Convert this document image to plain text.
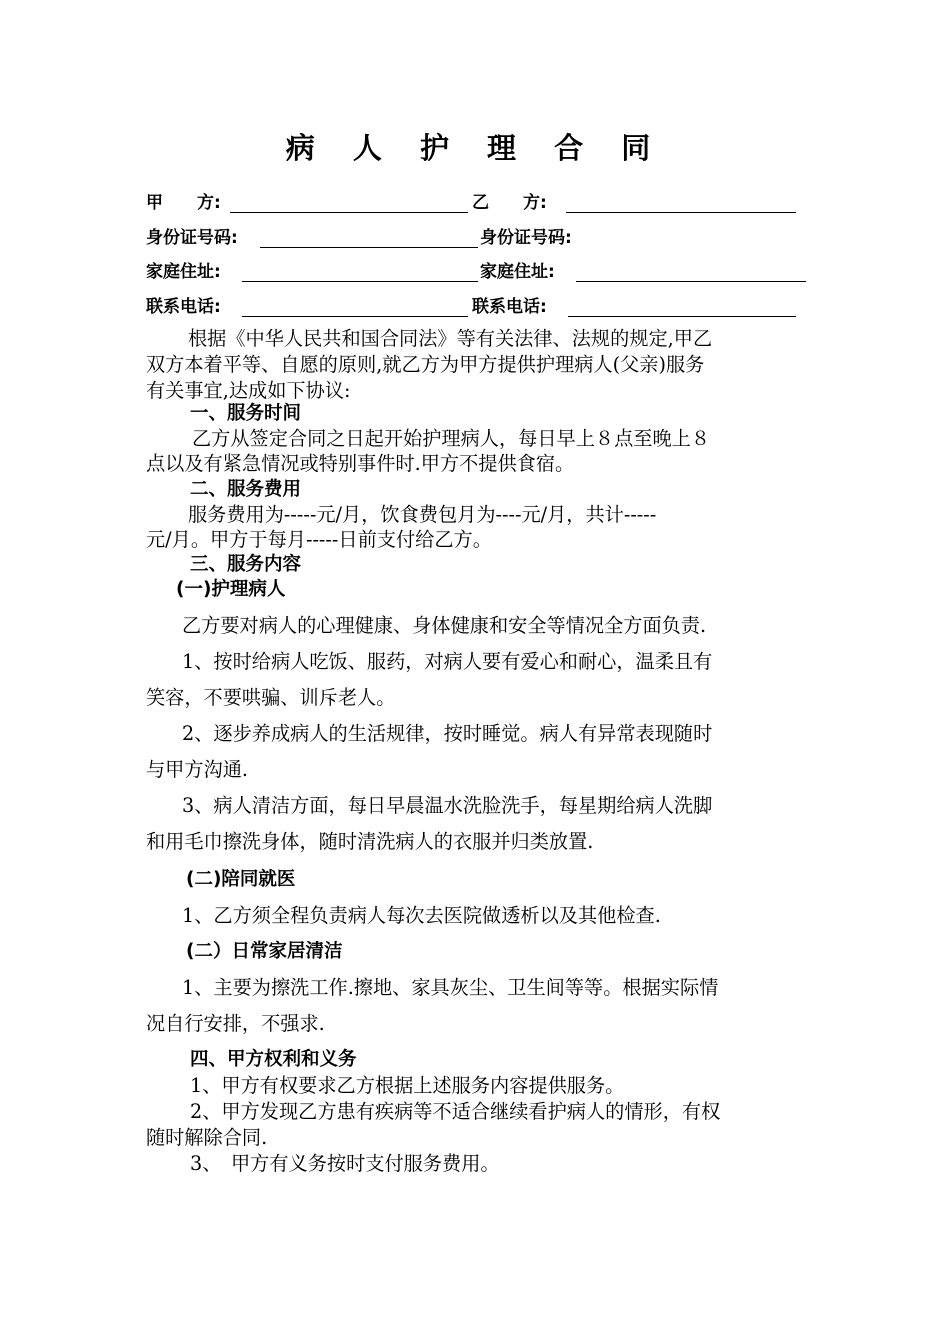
病 人 护 理 合 同
甲　　方:	乙　　方:
身份证号码:	身份证号码:
家庭住址:	家庭住址:
联系电话:	联系电话:
根据《中华人民共和国合同法》等有关法律、法规的规定,甲乙
双方本着平等、自愿的原则,就乙方为甲方提供护理病人(父亲)服务
有关事宜,达成如下协议:
一、服务时间
乙方从签定合同之日起开始护理病人，每日早上８点至晚上８
点以及有紧急情况或特别事件时.甲方不提供食宿。
二、服务费用
服务费用为-----元/月，饮食费包月为----元/月，共计-----
元/月。甲方于每月-----日前支付给乙方。
三、服务内容
(一)护理病人
乙方要对病人的心理健康、身体健康和安全等情况全方面负责.
1、按时给病人吃饭、服药，对病人要有爱心和耐心，温柔且有
笑容，不要哄骗、训斥老人。
2、逐步养成病人的生活规律，按时睡觉。病人有异常表现随时
与甲方沟通.
3、病人清洁方面，每日早晨温水洗脸洗手，每星期给病人洗脚
和用毛巾擦洗身体，随时清洗病人的衣服并归类放置.
(二)陪同就医
1、乙方须全程负责病人每次去医院做透析以及其他检查.
(二）日常家居清洁
1、主要为擦洗工作.擦地、家具灰尘、卫生间等等。根据实际情
况自行安排，不强求.
四、甲方权利和义务
1、甲方有权要求乙方根据上述服务内容提供服务。
2、甲方发现乙方患有疾病等不适合继续看护病人的情形，有权
随时解除合同.
3、　甲方有义务按时支付服务费用。
